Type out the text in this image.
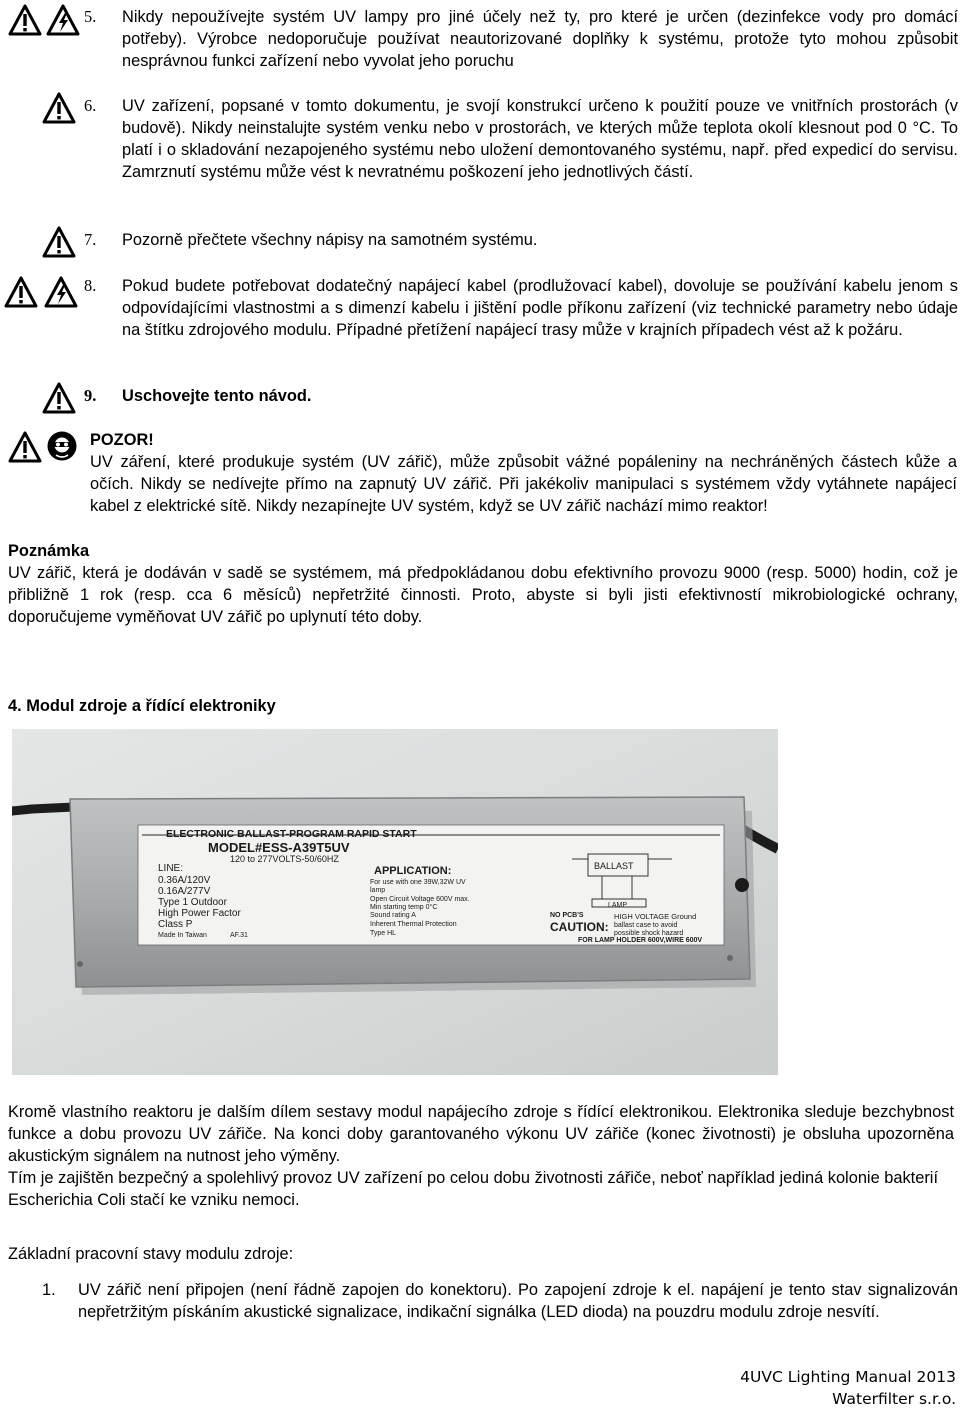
5. Nikdy nepoužívejte systém UV lampy pro jiné účely než ty, pro které je určen (dezinfekce vody pro domácí potřeby). Výrobce nedoporučuje používat neautorizované doplňky k systému, protože tyto mohou způsobit nesprávnou funkci zařízení nebo vyvolat jeho poruchu
6. UV zařízení, popsané v tomto dokumentu, je svojí konstrukcí určeno k použití pouze ve vnitřních prostorách (v budově). Nikdy neinstalujte systém venku nebo v prostorách, ve kterých může teplota okolí klesnout pod 0 °C. To platí i o skladování nezapojeného systému nebo uložení demontovaného systému, např. před expedicí do servisu. Zamrznutí systému může vést k nevratnému poškození jeho jednotlivých částí.
7. Pozorně přečtete všechny nápisy na samotném systému.
8. Pokud budete potřebovat dodatečný napájecí kabel (prodlužovací kabel), dovoluje se používání kabelu jenom s odpovídajícími vlastnostmi a s dimenzí kabelu i jištění podle příkonu zařízení (viz technické parametry nebo údaje na štítku zdrojového modulu. Případné přetížení napájecí trasy může v krajních případech vést až k požáru.
9. Uschovejte tento návod.
POZOR!
UV záření, které produkuje systém (UV zářič), může způsobit vážné popáleniny na nechráněných částech kůže a očích. Nikdy se nedívejte přímo na zapnutý UV zářič. Při jakékoliv manipulaci s systémem vždy vytáhnete napájecí kabel z elektrické sítě. Nikdy nezapínejte UV systém, když se UV zářič nachází mimo reaktor!
Poznámka
UV zářič, která je dodáván v sadě se systémem, má předpokládanou dobu efektivního provozu 9000 (resp. 5000) hodin, což je přibližně 1 rok (resp. cca 6 měsíců) nepřetržité činnosti. Proto, abyste si byli jisti efektivností mikrobiologické ochrany, doporučujeme vyměňovat UV zářič po uplynutí této doby.
4. Modul zdroje a řídící elektroniky
ELECTRONIC BALLAST-PROGRAM RAPID START
MODEL#ESS-A39T5UV
120 to 277VOLTS-50/60HZ
LINE:
0.36A/120V
0.16A/277V
Type 1 Outdoor
High Power Factor
Class P
Made In Taiwan	AF.31
APPLICATION:
For use with one 39W,32W UV
lamp
Open Circuit Voltage 600V max.
Min starting temp 0°C
Sound rating A
Inherent Thermal Protection
Type HL
BALLAST
LAMP
NO PCB'S
CAUTION:
HIGH VOLTAGE Ground
ballast case to avoid
possible shock hazard
FOR LAMP HOLDER 600V,WIRE 600V
Kromě vlastního reaktoru je dalším dílem sestavy modul napájecího zdroje s řídící elektronikou. Elektronika sleduje bezchybnost funkce a dobu provozu UV zářiče. Na konci doby garantovaného výkonu UV zářiče (konec životnosti) je obsluha upozorněna akustickým signálem na nutnost jeho výměny.
Tím je zajištěn bezpečný a spolehlivý provoz UV zařízení po celou dobu životnosti zářiče, neboť například jediná kolonie bakterií Escherichia Coli stačí ke vzniku nemoci.
Základní pracovní stavy modulu zdroje:
1. UV zářič není připojen (není řádně zapojen do konektoru). Po zapojení zdroje k el. napájení je tento stav signalizován nepřetržitým pískáním akustické signalizace, indikační signálka (LED dioda) na pouzdru modulu zdroje nesvítí.
4UVC Lighting Manual 2013
Waterfilter s.r.o.
